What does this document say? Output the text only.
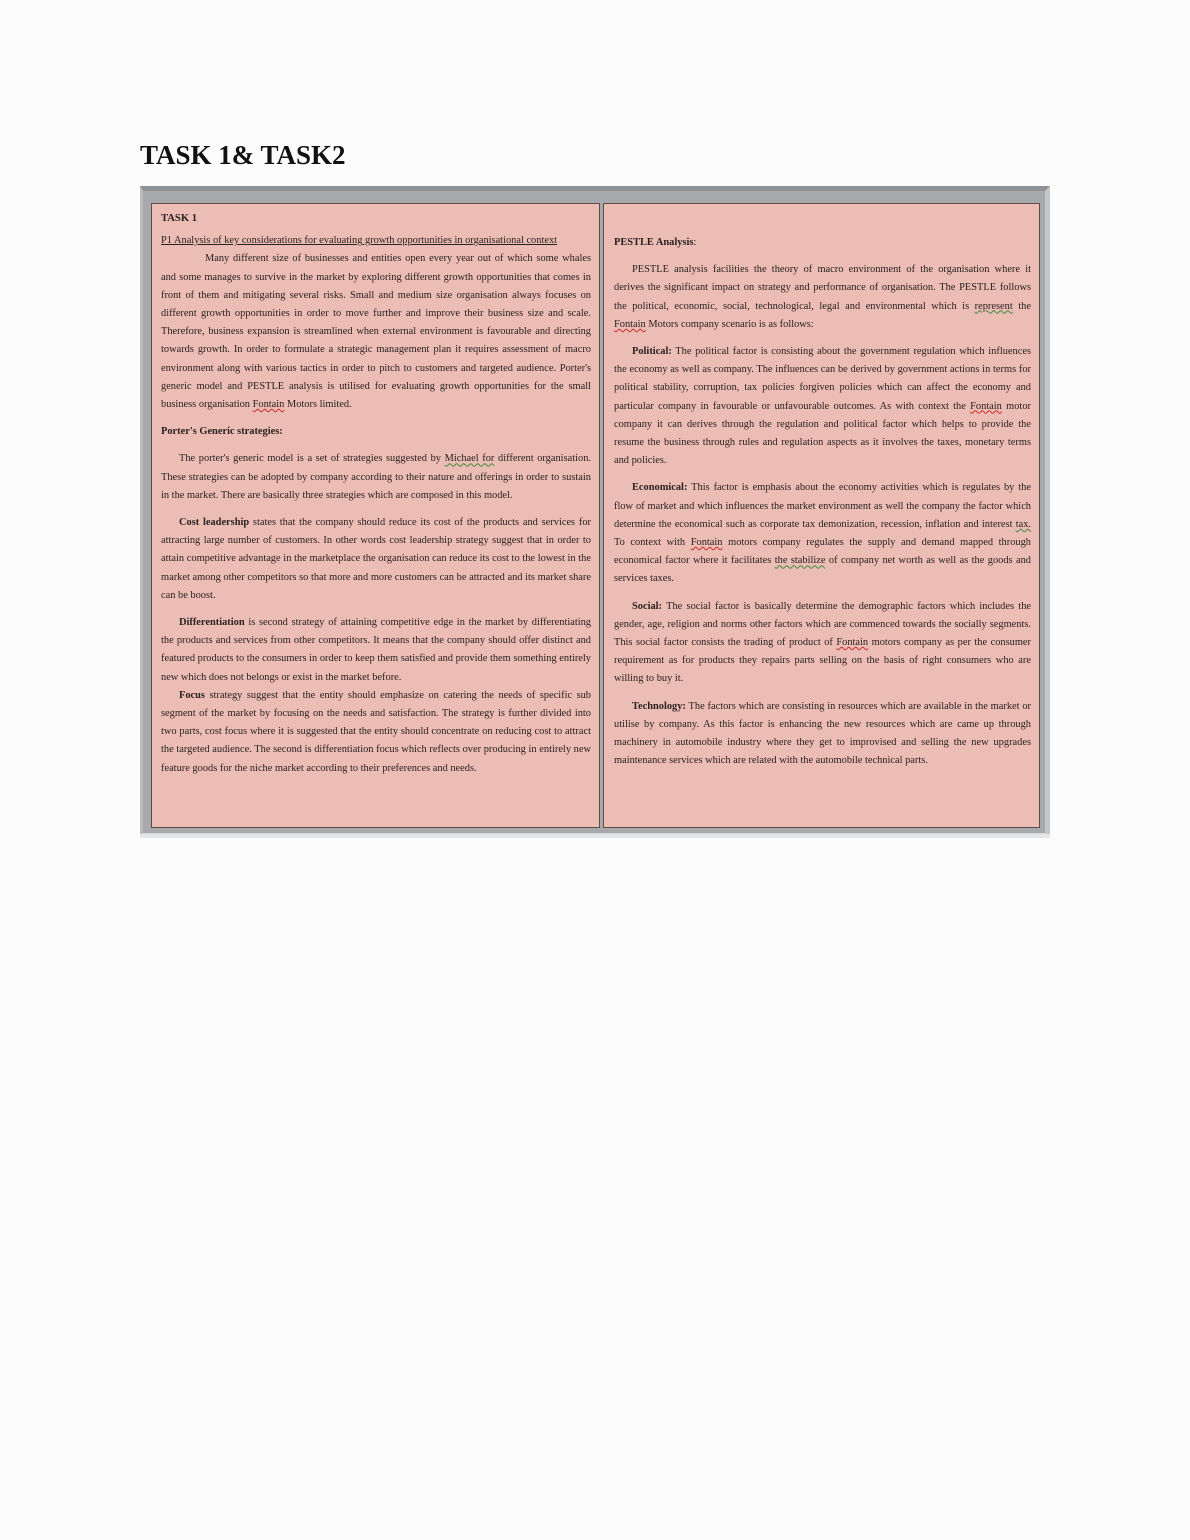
TASK 1& TASK2

TASK 1

P1 Analysis of key considerations for evaluating growth opportunities in organisational context

Many different size of businesses and entities open every year out of which some whales and some manages to survive in the market by exploring different growth opportunities that comes in front of them and mitigating several risks. Small and medium size organisation always focuses on different growth opportunities in order to move further and improve their business size and scale. Therefore, business expansion is streamlined when external environment is favourable and directing towards growth. In order to formulate a strategic management plan it requires assessment of macro environment along with various tactics in order to pitch to customers and targeted audience. Porter's generic model and PESTLE analysis is utilised for evaluating growth opportunities for the small business organisation Fontain Motors limited.

Porter's Generic strategies:

The porter's generic model is a set of strategies suggested by Michael for different organisation. These strategies can be adopted by company according to their nature and offerings in order to sustain in the market. There are basically three strategies which are composed in this model.

Cost leadership states that the company should reduce its cost of the products and services for attracting large number of customers. In other words cost leadership strategy suggest that in order to attain competitive advantage in the marketplace the organisation can reduce its cost to the lowest in the market among other competitors so that more and more customers can be attracted and its market share can be boost.

Differentiation is second strategy of attaining competitive edge in the market by differentiating the products and services from other competitors. It means that the company should offer distinct and featured products to the consumers in order to keep them satisfied and provide them something entirely new which does not belongs or exist in the market before.

Focus strategy suggest that the entity should emphasize on catering the needs of specific sub segment of the market by focusing on the needs and satisfaction. The strategy is further divided into two parts, cost focus where it is suggested that the entity should concentrate on reducing cost to attract the targeted audience. The second is differentiation focus which reflects over producing in entirely new feature goods for the niche market according to their preferences and needs.

PESTLE Analysis:

PESTLE analysis facilities the theory of macro environment of the organisation where it derives the significant impact on strategy and performance of organisation. The PESTLE follows the political, economic, social, technological, legal and environmental which is represent the Fontain Motors company scenario is as follows:

Political: The political factor is consisting about the government regulation which influences the economy as well as company. The influences can be derived by government actions in terms for political stability, corruption, tax policies forgiven policies which can affect the economy and particular company in favourable or unfavourable outcomes. As with context the Fontain motor company it can derives through the regulation and political factor which helps to provide the resume the business through rules and regulation aspects as it involves the taxes, monetary terms and policies.

Economical: This factor is emphasis about the economy activities which is regulates by the flow of market and which influences the market environment as well the company the factor which determine the economical such as corporate tax demonization, recession, inflation and interest tax. To context with Fontain motors company regulates the supply and demand mapped through economical factor where it facilitates the stabilize of company net worth as well as the goods and services taxes.

Social: The social factor is basically determine the demographic factors which includes the gender, age, religion and norms other factors which are commenced towards the socially segments. This social factor consists the trading of product of Fontain motors company as per the consumer requirement as for products they repairs parts selling on the basis of right consumers who are willing to buy it.

Technology: The factors which are consisting in resources which are available in the market or utilise by company. As this factor is enhancing the new resources which are came up through machinery in automobile industry where they get to improvised and selling the new upgrades maintenance services which are related with the automobile technical parts.
